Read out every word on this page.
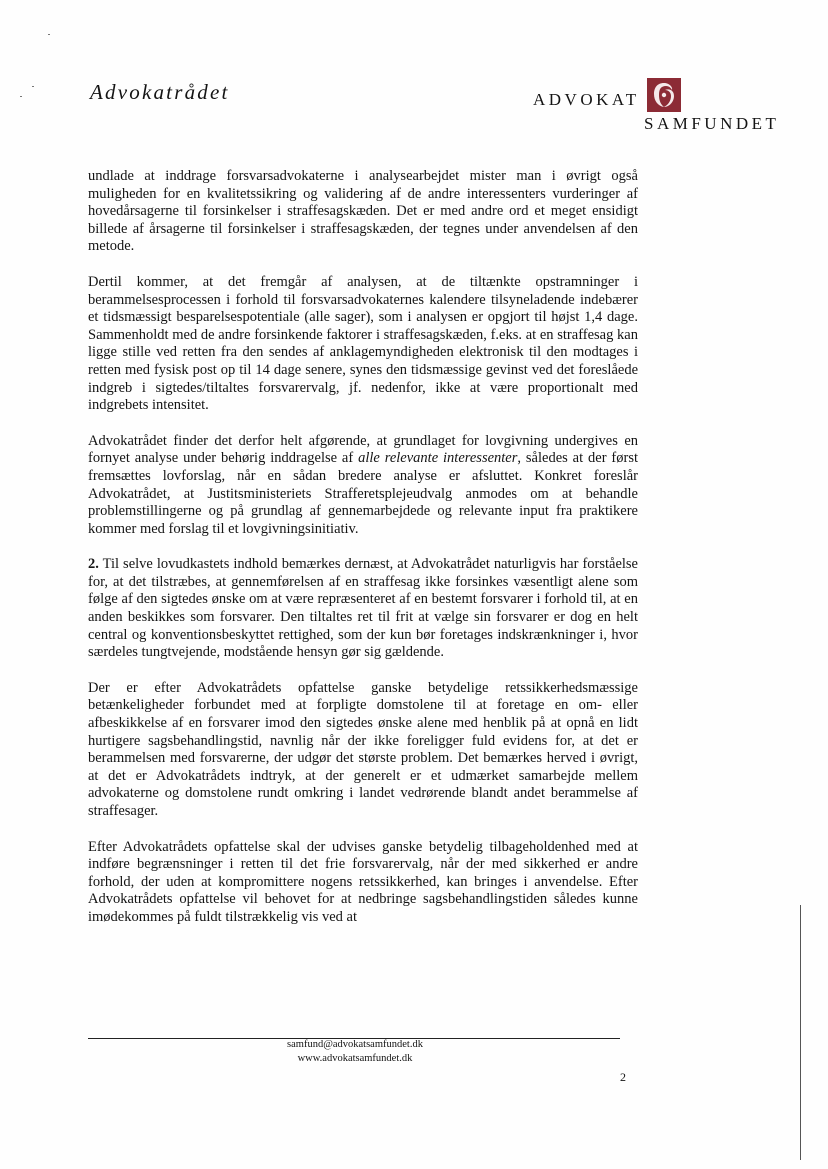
Advokatrådet	ADVOKAT
SAMFUNDET

undlade at inddrage forsvarsadvokaterne i analysearbejdet mister man i øvrigt også muligheden for en kvalitetssikring og validering af de andre interessenters vurderinger af hovedårsagerne til forsinkelser i straffesagskæden. Det er med andre ord et meget ensidigt billede af årsagerne til forsinkelser i straffesagskæden, der tegnes under anvendelsen af den metode.

Dertil kommer, at det fremgår af analysen, at de tiltænkte opstramninger i berammelsesprocessen i forhold til forsvarsadvokaternes kalendere tilsyneladende indebærer et tidsmæssigt besparelsespotentiale (alle sager), som i analysen er opgjort til højst 1,4 dage. Sammenholdt med de andre forsinkende faktorer i straffesagskæden, f.eks. at en straffesag kan ligge stille ved retten fra den sendes af anklagemyndigheden elektronisk til den modtages i retten med fysisk post op til 14 dage senere, synes den tidsmæssige gevinst ved det foreslåede indgreb i sigtedes/tiltaltes forsvarervalg, jf. nedenfor, ikke at være proportionalt med indgrebets intensitet.

Advokatrådet finder det derfor helt afgørende, at grundlaget for lovgivning undergives en fornyet analyse under behørig inddragelse af alle relevante interessenter, således at der først fremsættes lovforslag, når en sådan bredere analyse er afsluttet. Konkret foreslår Advokatrådet, at Justitsministeriets Strafferetsplejeudvalg anmodes om at behandle problemstillingerne og på grundlag af gennemarbejdede og relevante input fra praktikere kommer med forslag til et lovgivningsinitiativ.

2. Til selve lovudkastets indhold bemærkes dernæst, at Advokatrådet naturligvis har forståelse for, at det tilstræbes, at gennemførelsen af en straffesag ikke forsinkes væsentligt alene som følge af den sigtedes ønske om at være repræsenteret af en bestemt forsvarer i forhold til, at en anden beskikkes som forsvarer. Den tiltaltes ret til frit at vælge sin forsvarer er dog en helt central og konventionsbeskyttet rettighed, som der kun bør foretages indskrænkninger i, hvor særdeles tungtvejende, modstående hensyn gør sig gældende.

Der er efter Advokatrådets opfattelse ganske betydelige retssikkerhedsmæssige betænkeligheder forbundet med at forpligte domstolene til at foretage en om- eller afbeskikkelse af en forsvarer imod den sigtedes ønske alene med henblik på at opnå en lidt hurtigere sagsbehandlingstid, navnlig når der ikke foreligger fuld evidens for, at det er berammelsen med forsvarerne, der udgør det største problem. Det bemærkes herved i øvrigt, at det er Advokatrådets indtryk, at der generelt er et udmærket samarbejde mellem advokaterne og domstolene rundt omkring i landet vedrørende blandt andet berammelse af straffesager.

Efter Advokatrådets opfattelse skal der udvises ganske betydelig tilbageholdenhed med at indføre begrænsninger i retten til det frie forsvarervalg, når der med sikkerhed er andre forhold, der uden at kompromittere nogens retssikkerhed, kan bringes i anvendelse. Efter Advokatrådets opfattelse vil behovet for at nedbringe sagsbehandlingstiden således kunne imødekommes på fuldt tilstrækkelig vis ved at

samfund@advokatsamfundet.dk
www.advokatsamfundet.dk
2
